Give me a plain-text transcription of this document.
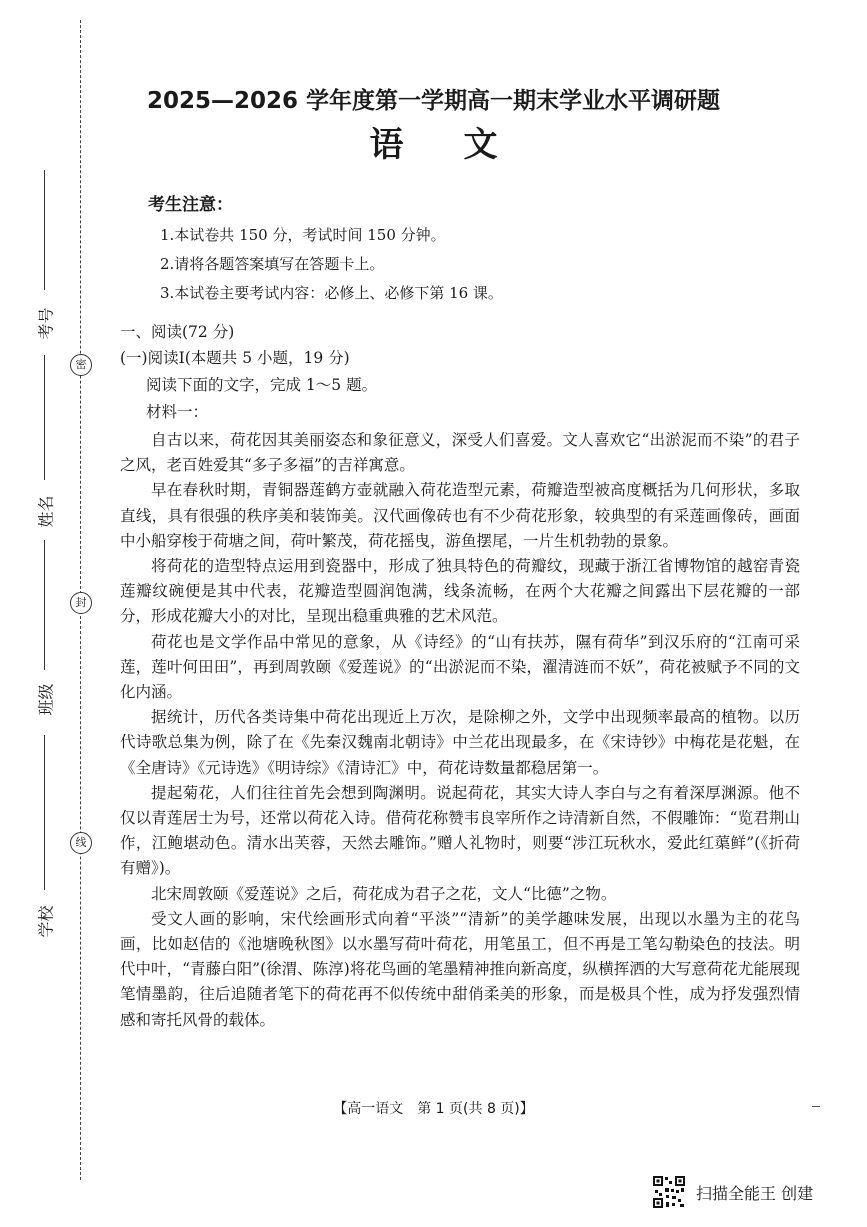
密
封
线
考号
姓名
班级
学校
2025—2026 学年度第一学期高一期末学业水平调研题
语文
考生注意：
1.本试卷共 150 分，考试时间 150 分钟。
2.请将各题答案填写在答题卡上。
3.本试卷主要考试内容：必修上、必修下第 16 课。
一、阅读(72 分)
(一)阅读Ⅰ(本题共 5 小题，19 分)
阅读下面的文字，完成 1～5 题。
材料一：

自古以来，荷花因其美丽姿态和象征意义，深受人们喜爱。文人喜欢它“出淤泥而不染”的君子之风，老百姓爱其“多子多福”的吉祥寓意。

早在春秋时期，青铜器莲鹤方壶就融入荷花造型元素，荷瓣造型被高度概括为几何形状，多取直线，具有很强的秩序美和装饰美。汉代画像砖也有不少荷花形象，较典型的有采莲画像砖，画面中小船穿梭于荷塘之间，荷叶繁茂，荷花摇曳，游鱼摆尾，一片生机勃勃的景象。

将荷花的造型特点运用到瓷器中，形成了独具特色的荷瓣纹，现藏于浙江省博物馆的越窑青瓷莲瓣纹碗便是其中代表，花瓣造型圆润饱满，线条流畅，在两个大花瓣之间露出下层花瓣的一部分，形成花瓣大小的对比，呈现出稳重典雅的艺术风范。

荷花也是文学作品中常见的意象，从《诗经》的“山有扶苏，隰有荷华”到汉乐府的“江南可采莲，莲叶何田田”，再到周敦颐《爱莲说》的“出淤泥而不染，濯清涟而不妖”，荷花被赋予不同的文化内涵。

据统计，历代各类诗集中荷花出现近上万次，是除柳之外，文学中出现频率最高的植物。以历代诗歌总集为例，除了在《先秦汉魏南北朝诗》中兰花出现最多，在《宋诗钞》中梅花是花魁，在《全唐诗》《元诗选》《明诗综》《清诗汇》中，荷花诗数量都稳居第一。

提起菊花，人们往往首先会想到陶渊明。说起荷花，其实大诗人李白与之有着深厚渊源。他不仅以青莲居士为号，还常以荷花入诗。借荷花称赞韦良宰所作之诗清新自然，不假雕饰：“览君荆山作，江鲍堪动色。清水出芙蓉，天然去雕饰。”赠人礼物时，则要“涉江玩秋水，爱此红蕖鲜”(《折荷有赠》)。

北宋周敦颐《爱莲说》之后，荷花成为君子之花，文人“比德”之物。

受文人画的影响，宋代绘画形式向着“平淡”“清新”的美学趣味发展，出现以水墨为主的花鸟画，比如赵佶的《池塘晚秋图》以水墨写荷叶荷花，用笔虽工，但不再是工笔勾勒染色的技法。明代中叶，“青藤白阳”(徐渭、陈淳)将花鸟画的笔墨精神推向新高度，纵横挥洒的大写意荷花尤能展现笔情墨韵，往后追随者笔下的荷花再不似传统中甜俏柔美的形象，而是极具个性，成为抒发强烈情感和寄托风骨的载体。

【高一语文　第 1 页(共 8 页)】
扫描全能王 创建
